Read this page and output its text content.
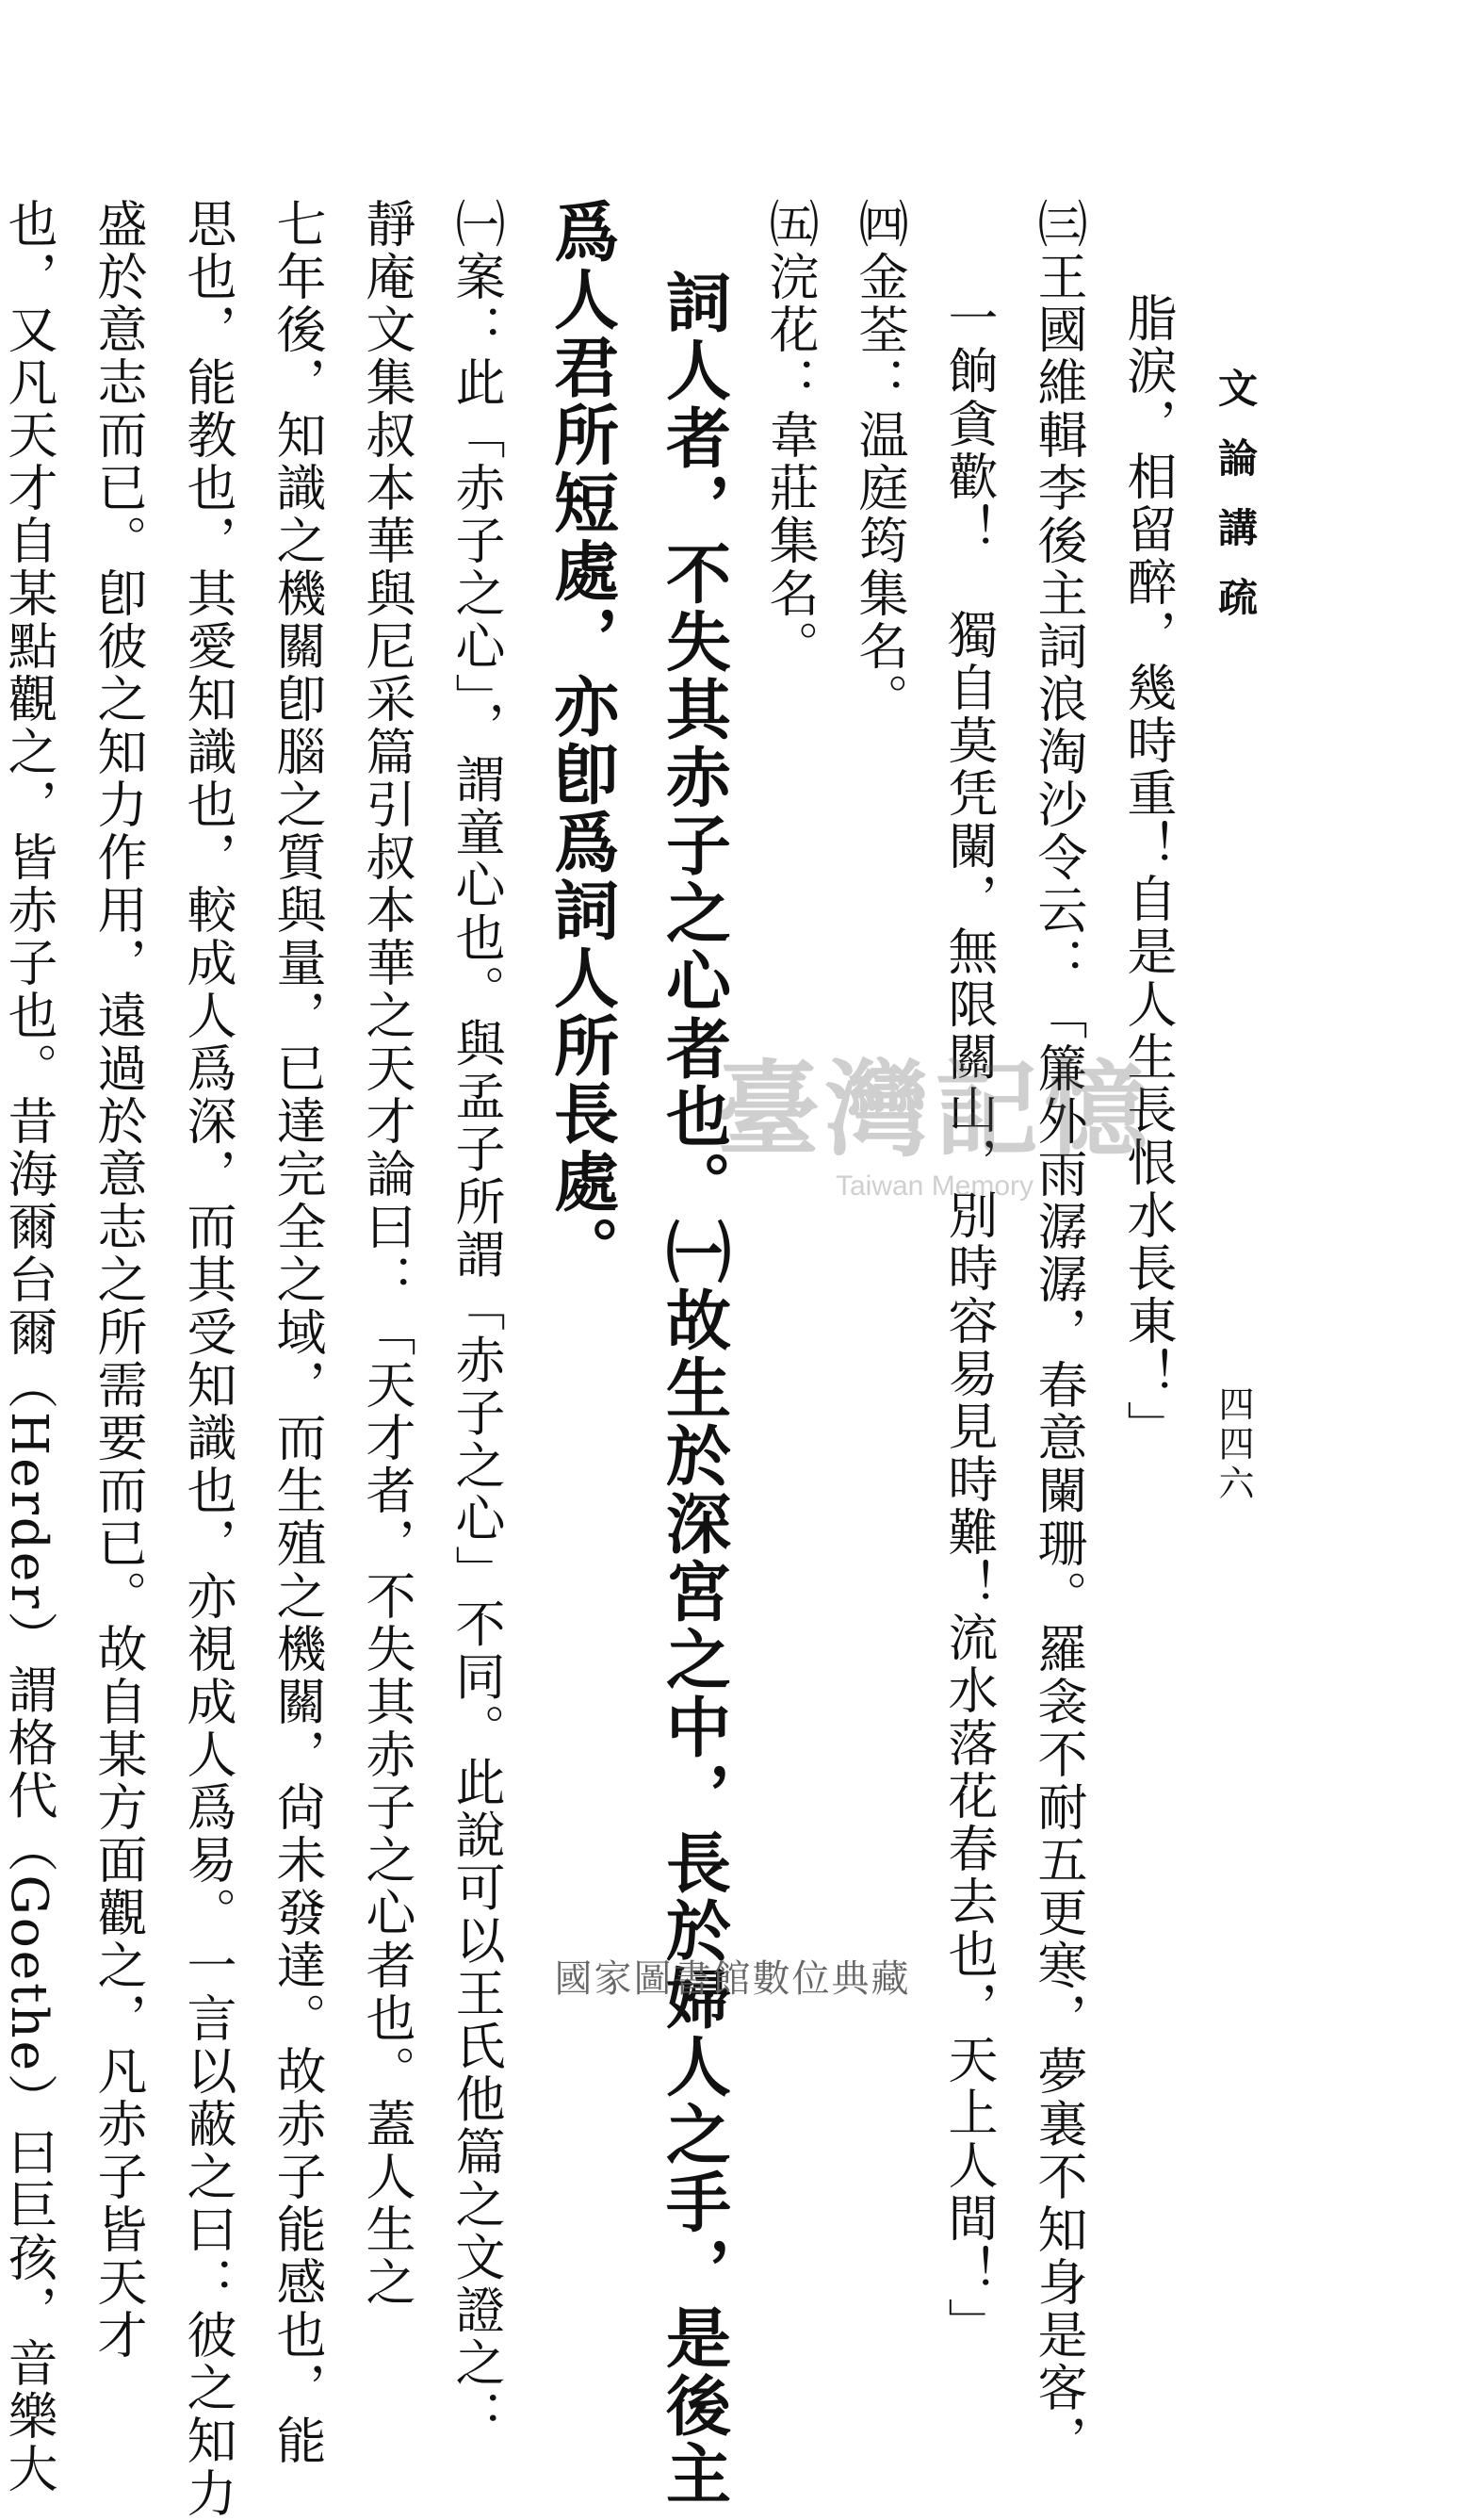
文論講疏
四四六
脂淚，相留醉，幾時重！自是人生長恨水長東！」
㈢王國維輯李後主詞浪淘沙令云：「簾外雨潺潺，春意闌珊。羅衾不耐五更寒，夢裏不知身是客，
一餉貪歡！　獨自莫凭闌，無限關山，別時容易見時難！流水落花春去也，天上人間！」
㈣金荃：温庭筠集名。
㈤浣花：韋莊集名。
詞人者，不失其赤子之心者也。㈠故生於深宮之中，長於婦人之手，是後主
爲人君所短處，亦卽爲詞人所長處。
㈠案：此「赤子之心」，謂童心也。與孟子所謂「赤子之心」不同。此說可以王氏他篇之文證之：
靜庵文集叔本華與尼采篇引叔本華之天才論曰：「天才者，不失其赤子之心者也。蓋人生之
七年後，知識之機關卽腦之質與量，已達完全之域，而生殖之機關，尙未發達。故赤子能感也，能
思也，能教也，其愛知識也，較成人爲深，而其受知識也，亦視成人爲易。一言以蔽之曰：彼之知力
盛於意志而已。卽彼之知力作用，遠過於意志之所需要而已。故自某方面觀之，凡赤子皆天才
也，又凡天才自某點觀之，皆赤子也。昔海爾台爾（Herder）謂格代（Goethe）曰巨孩，音樂大	臺灣記憶
Taiwan Memory
國家圖書館數位典藏
